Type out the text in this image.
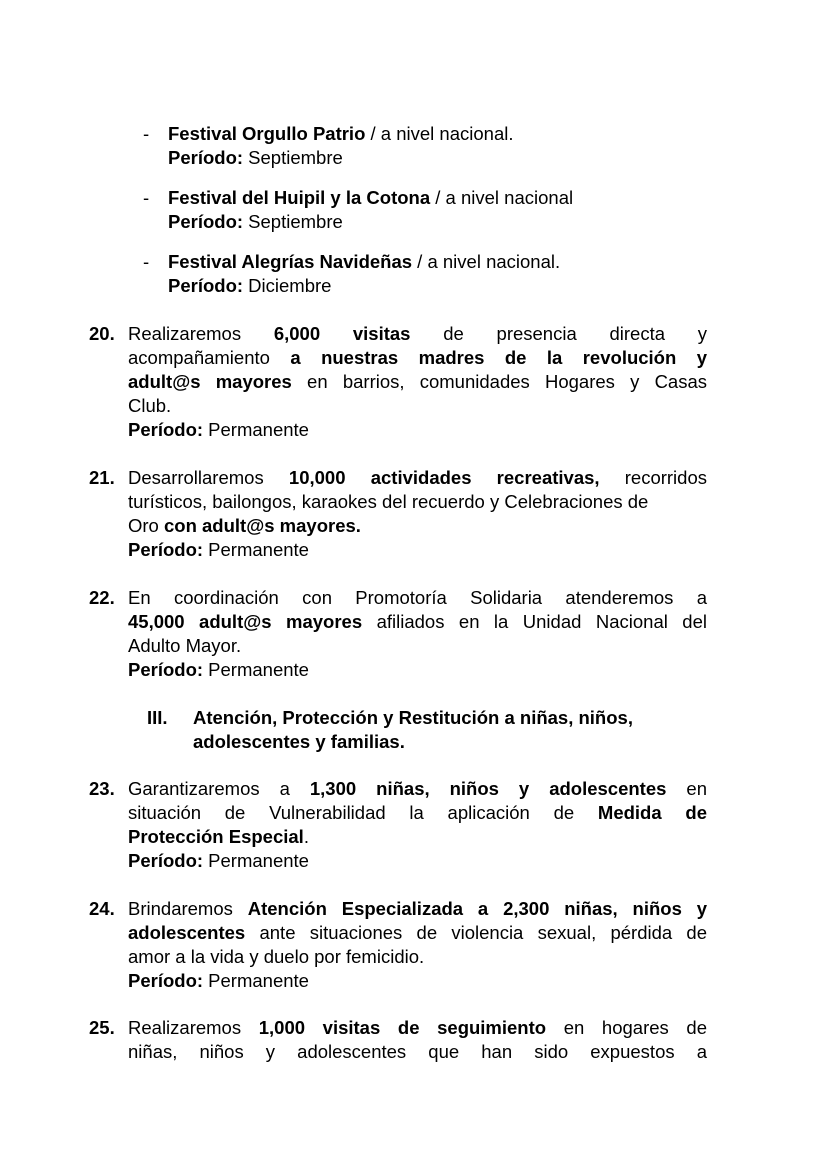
- Festival Orgullo Patrio / a nivel nacional.
Período: Septiembre
- Festival del Huipil y la Cotona / a nivel nacional
Período: Septiembre
- Festival Alegrías Navideñas / a nivel nacional.
Período: Diciembre
20. Realizaremos 6,000 visitas de presencia directa y
acompañamiento a nuestras madres de la revolución y
adult@s mayores en barrios, comunidades Hogares y Casas
Club.
Período: Permanente
21. Desarrollaremos 10,000 actividades recreativas, recorridos
turísticos, bailongos, karaokes del recuerdo y Celebraciones de
Oro con adult@s mayores.
Período: Permanente
22. En coordinación con Promotoría Solidaria atenderemos a
45,000 adult@s mayores afiliados en la Unidad Nacional del
Adulto Mayor.
Período: Permanente
III. Atención, Protección y Restitución a niñas, niños,
adolescentes y familias.
23. Garantizaremos a 1,300 niñas, niños y adolescentes en
situación de Vulnerabilidad la aplicación de Medida de
Protección Especial.
Período: Permanente
24. Brindaremos Atención Especializada a 2,300 niñas, niños y
adolescentes ante situaciones de violencia sexual, pérdida de
amor a la vida y duelo por femicidio.
Período: Permanente
25. Realizaremos 1,000 visitas de seguimiento en hogares de
niñas, niños y adolescentes que han sido expuestos a
